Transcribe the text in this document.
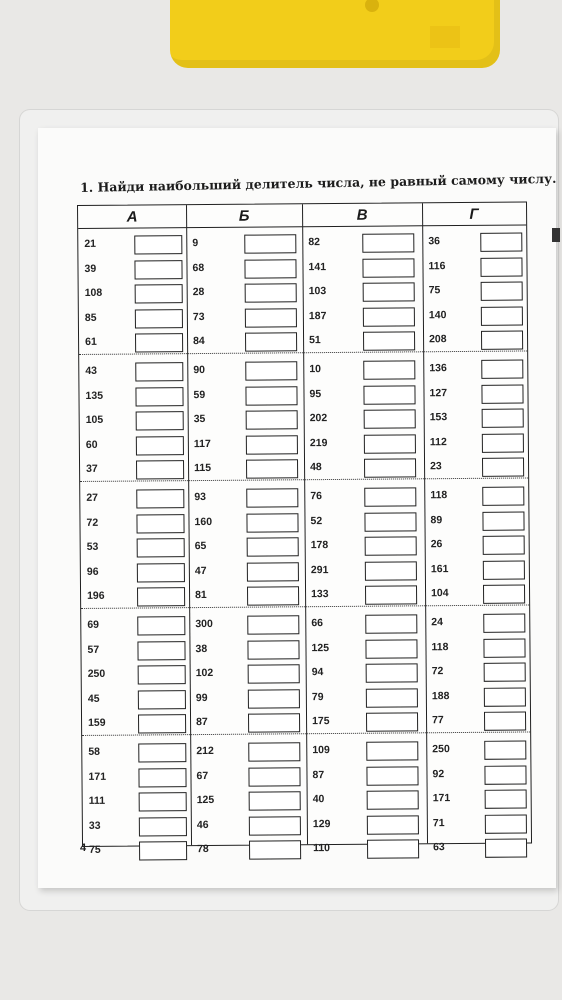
1. Найди наибольший делитель числа, не равный самому числу.
А
21
39
108
85
61
43
135
105
60
37
27
72
53
96
196
69
57
250
45
159
58
171
111
33
75
Б
9
68
28
73
84
90
59
35
117
115
93
160
65
47
81
300
38
102
99
87
212
67
125
46
78
В
82
141
103
187
51
10
95
202
219
48
76
52
178
291
133
66
125
94
79
175
109
87
40
129
110
Г
36
116
75
140
208
136
127
153
112
23
118
89
26
161
104
24
118
72
188
77
250
92
171
71
63
4
